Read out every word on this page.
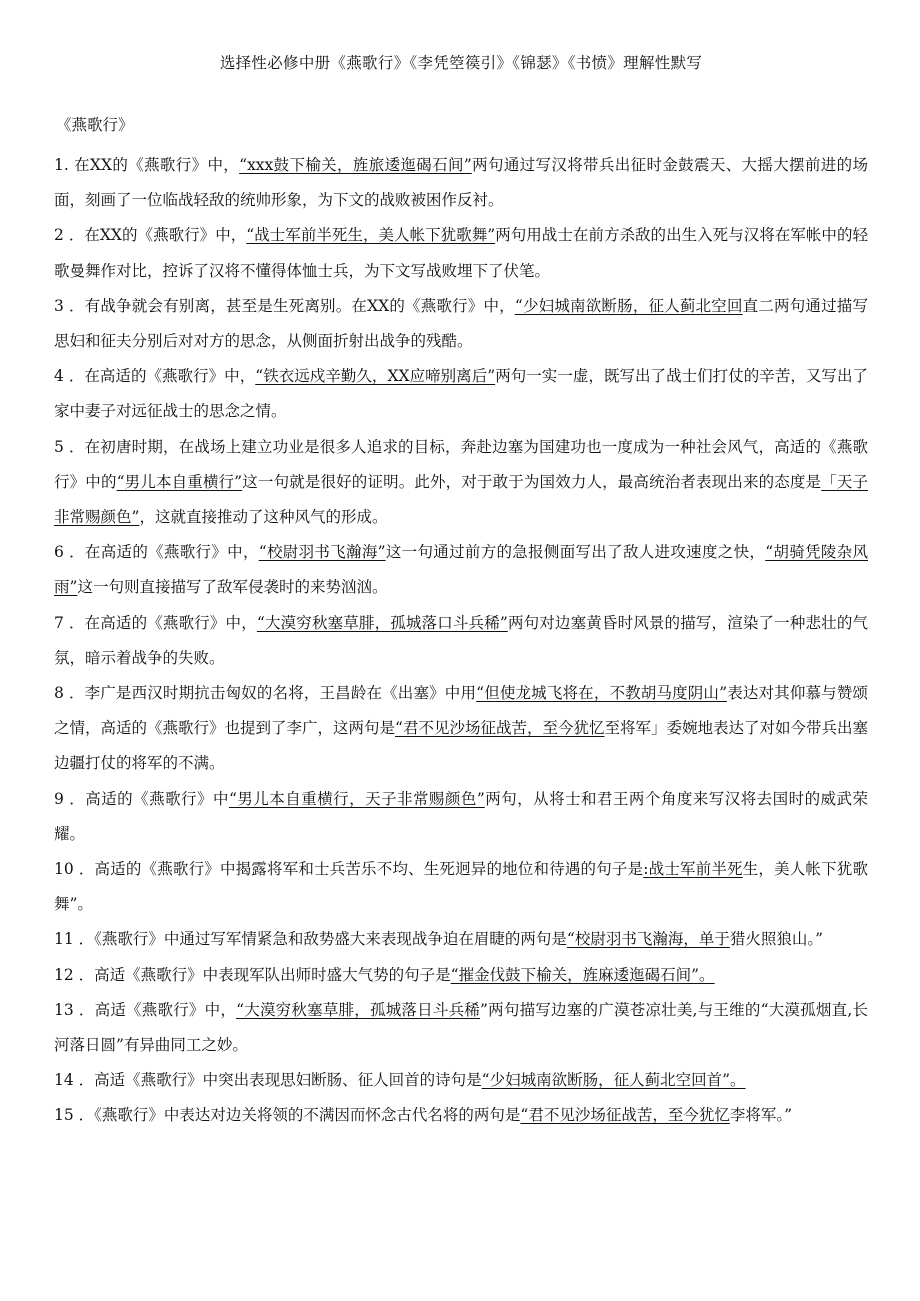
选择性必修中册《燕歌行》《李凭箜篌引》《锦瑟》《书愤》理解性默写
《燕歌行》
1. 在XX的《燕歌行》中，“xxx鼓下榆关，旌旅逶迤碣石间”两句通过写汉将带兵出征时金鼓震天、大摇大摆前进的场面，刻画了一位临战轻敌的统帅形象，为下文的战败被困作反衬。
2 ．在XX的《燕歌行》中，“战士军前半死生，美人帐下犹歌舞”两句用战士在前方杀敌的出生入死与汉将在军帐中的轻歌曼舞作对比，控诉了汉将不懂得体恤士兵，为下文写战败埋下了伏笔。
3 ．有战争就会有别离，甚至是生死离别。在XX的《燕歌行》中，“少妇城南欲断肠，征人蓟北空回直二两句通过描写思妇和征夫分别后对对方的思念，从侧面折射出战争的残酷。
4 ．在高适的《燕歌行》中，“铁衣远戍辛勤久，XX应啼别离后”两句一实一虚，既写出了战士们打仗的辛苦，又写出了家中妻子对远征战士的思念之情。
5 ．在初唐时期，在战场上建立功业是很多人追求的目标，奔赴边塞为国建功也一度成为一种社会风气，高适的《燕歌行》中的“男儿本自重横行”这一句就是很好的证明。此外，对于敢于为国效力人，最高统治者表现出来的态度是「天子非常赐颜色”，这就直接推动了这种风气的形成。
6 ．在高适的《燕歌行》中，“校尉羽书飞瀚海”这一句通过前方的急报侧面写出了敌人进攻速度之快，“胡骑凭陵杂风雨”这一句则直接描写了敌军侵袭时的来势汹汹。
7 ．在高适的《燕歌行》中，“大漠穷秋塞草腓，孤城落口斗兵稀”两句对边塞黄昏时风景的描写，渲染了一种悲壮的气氛，暗示着战争的失败。
8 ．李广是西汉时期抗击匈奴的名将，王昌龄在《出塞》中用“但使龙城飞将在，不教胡马度阴山”表达对其仰慕与赞颂之情，高适的《燕歌行》也提到了李广，这两句是“君不见沙场征战苦，至今犹忆至将军」委婉地表达了对如今带兵出塞边疆打仗的将军的不满。
9 ．高适的《燕歌行》中“男儿本自重横行，天子非常赐颜色”两句，从将士和君王两个角度来写汉将去国时的威武荣耀。
10 ．高适的《燕歌行》中揭露将军和士兵苦乐不均、生死迥异的地位和待遇的句子是:战士军前半死生，美人帐下犹歌舞”。
11 ．《燕歌行》中通过写军情紧急和敌势盛大来表现战争迫在眉睫的两句是“校尉羽书飞瀚海，单于猎火照狼山。”
12 ．高适《燕歌行》中表现军队出师时盛大气势的句子是“摧金伐鼓下榆关，旌麻逶迤碣石间”。
13 ．高适《燕歌行》中，“大漠穷秋塞草腓，孤城落日斗兵稀”两句描写边塞的广漠苍凉壮美,与王维的“大漠孤烟直,长河落日圆”有异曲同工之妙。
14 ．高适《燕歌行》中突出表现思妇断肠、征人回首的诗句是“少妇城南欲断肠，征人蓟北空回首”。
15 ．《燕歌行》中表达对边关将领的不满因而怀念古代名将的两句是“君不见沙场征战苦，至今犹忆李将军。”
